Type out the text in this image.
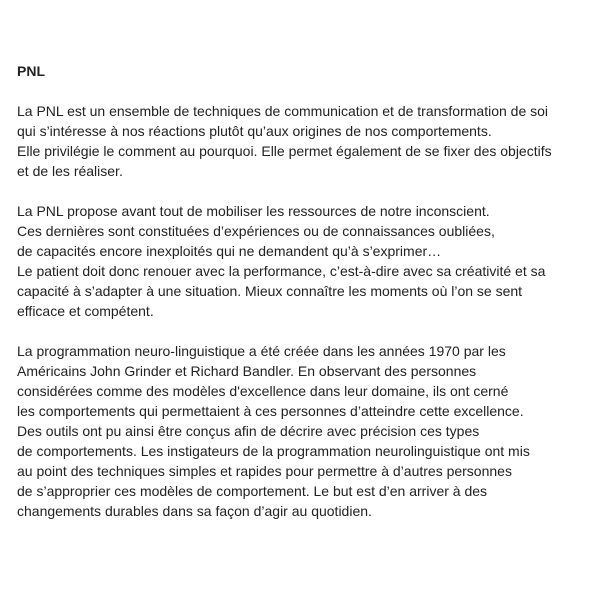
PNL
La PNL est un ensemble de techniques de communication et de transformation de soi
qui s’intéresse à nos réactions plutôt qu’aux origines de nos comportements.
Elle privilégie le comment au pourquoi. Elle permet également de se fixer des objectifs
et de les réaliser.
La PNL propose avant tout de mobiliser les ressources de notre inconscient.
Ces dernières sont constituées d’expériences ou de connaissances oubliées,
de capacités encore inexploités qui ne demandent qu’à s’exprimer…
Le patient doit donc renouer avec la performance, c’est-à-dire avec sa créativité et sa
capacité à s’adapter à une situation. Mieux connaître les moments où l’on se sent
efficace et compétent.
La programmation neuro-linguistique a été créée dans les années 1970 par les
Américains John Grinder et Richard Bandler. En observant des personnes
considérées comme des modèles d'excellence dans leur domaine, ils ont cerné
les comportements qui permettaient à ces personnes d’atteindre cette excellence.
Des outils ont pu ainsi être conçus afin de décrire avec précision ces types
de comportements. Les instigateurs de la programmation neurolinguistique ont mis
au point des techniques simples et rapides pour permettre à d’autres personnes
de s’approprier ces modèles de comportement. Le but est d’en arriver à des
changements durables dans sa façon d’agir au quotidien.
